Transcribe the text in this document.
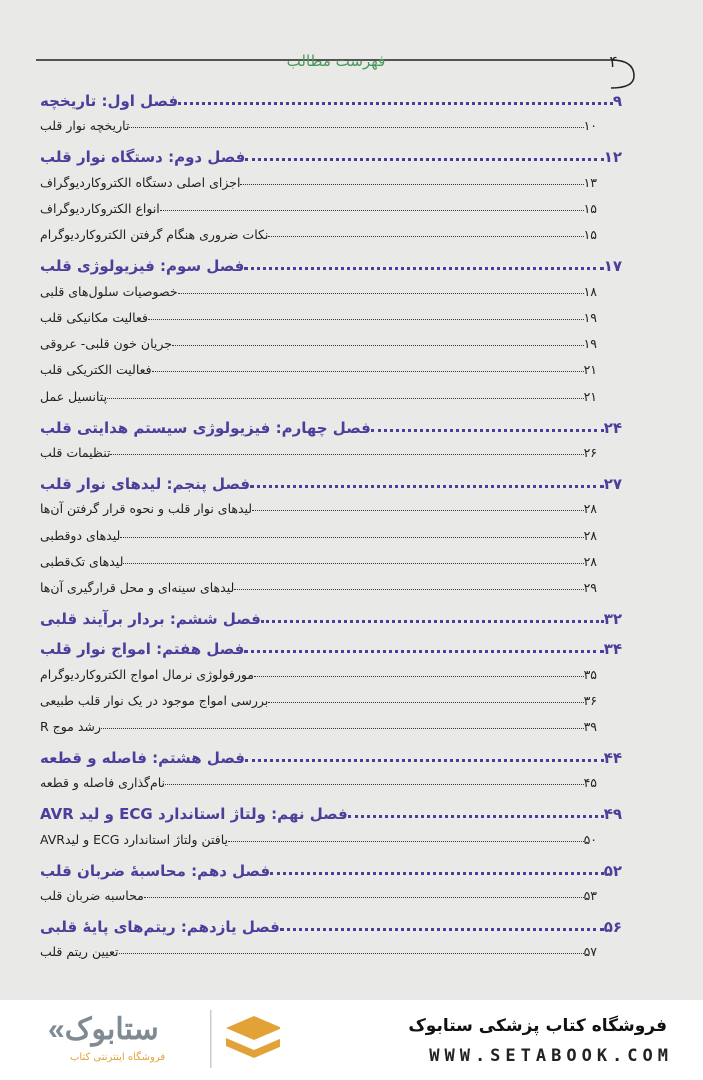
۴
فهرست مطالب
فصل اول: تاریخچه	۹
تاریخچه نوار قلب	۱۰
فصل دوم: دستگاه نوار قلب	۱۲
اجزای اصلی دستگاه الکتروکاردیوگراف	۱۳
انواع الکتروکاردیوگراف	۱۵
نکات ضروری هنگام گرفتن الکتروکاردیوگرام	۱۵
فصل سوم: فیزیولوژی قلب	۱۷
خصوصیات سلول‌های قلبی	۱۸
فعالیت مکانیکی قلب	۱۹
جریان خون قلبی- عروقی	۱۹
فعالیت الکتریکی قلب	۲۱
پتانسیل عمل	۲۱
فصل چهارم: فیزیولوژی سیستم هدایتی قلب	۲۴
تنظیمات قلب	۲۶
فصل پنجم: لیدهای نوار قلب	۲۷
لیدهای نوار قلب و نحوه قرار گرفتن آن‌ها	۲۸
لیدهای دوقطبی	۲۸
لیدهای تک‌قطبی	۲۸
لیدهای سینه‌ای و محل قرارگیری آن‌ها	۲۹
فصل ششم: بردار برآیند قلبی	۳۲
فصل هفتم: امواج نوار قلب	۳۴
مورفولوژی نرمال امواج الکتروکاردیوگرام	۳۵
بررسی امواج موجود در یک نوار قلب طبیعی	۳۶
رشد موج R	۳۹
فصل هشتم: فاصله و قطعه	۴۴
نام‌گذاری فاصله و قطعه	۴۵
فصل نهم: ولتاژ استاندارد ECG و لید AVR	۴۹
یافتن ولتاژ استاندارد ECG و لیدAVR	۵۰
فصل دهم: محاسبۀ ضربان قلب	۵۲
محاسبه ضربان قلب	۵۳
فصل یازدهم: ریتم‌های پایۀ قلبی	۵۶
تعیین ریتم قلب	۵۷
«ستابوک
فروشگاه اینترنتی کتاب
فروشگاه کتاب پزشکی ستابوک
WWW.SETABOOK.COM
